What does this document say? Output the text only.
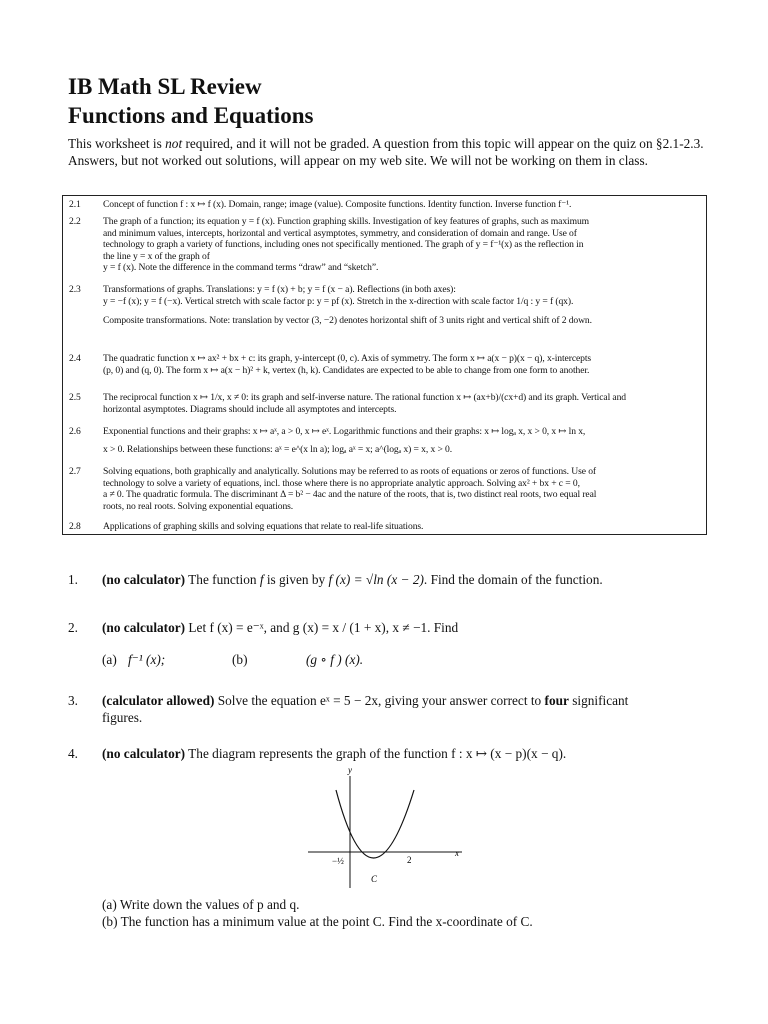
IB Math SL Review
Functions and Equations
This worksheet is not required, and it will not be graded. A question from this topic will appear on the quiz on §2.1-2.3. Answers, but not worked out solutions, will appear on my web site. We will not be working on them in class.
2.1 Concept of function f : x ↦ f (x). Domain, range; image (value). Composite functions. Identity function. Inverse function f⁻¹.
2.2 The graph of a function; its equation y = f (x). Function graphing skills. Investigation of key features of graphs, such as maximum
and minimum values, intercepts, horizontal and vertical asymptotes, symmetry, and consideration of domain and range. Use of
technology to graph a variety of functions, including ones not specifically mentioned. The graph of y = f⁻¹(x) as the reflection in
the line y = x of the graph of
y = f (x). Note the difference in the command terms “draw” and “sketch”.
2.3 Transformations of graphs. Translations: y = f (x) + b; y = f (x − a). Reflections (in both axes):
y = −f (x); y = f (−x). Vertical stretch with scale factor p: y = pf (x). Stretch in the x-direction with scale factor 1/q : y = f (qx).
Composite transformations. Note: translation by vector (3, −2) denotes horizontal shift of 3 units right and vertical shift of 2 down.
2.4 The quadratic function x ↦ ax² + bx + c: its graph, y-intercept (0, c). Axis of symmetry. The form x ↦ a(x − p)(x − q), x-intercepts
(p, 0) and (q, 0). The form x ↦ a(x − h)² + k, vertex (h, k). Candidates are expected to be able to change from one form to another.
2.5 The reciprocal function x ↦ 1/x, x ≠ 0: its graph and self-inverse nature. The rational function x ↦ (ax+b)/(cx+d) and its graph. Vertical and
horizontal asymptotes. Diagrams should include all asymptotes and intercepts.
2.6 Exponential functions and their graphs: x ↦ aˣ, a > 0, x ↦ eˣ. Logarithmic functions and their graphs: x ↦ logₐ x, x > 0, x ↦ ln x,
x > 0. Relationships between these functions: aˣ = e^(x ln a); logₐ aˣ = x; a^(logₐ x) = x, x > 0.
2.7 Solving equations, both graphically and analytically. Solutions may be referred to as roots of equations or zeros of functions. Use of
technology to solve a variety of equations, incl. those where there is no appropriate analytic approach. Solving ax² + bx + c = 0,
a ≠ 0. The quadratic formula. The discriminant Δ = b² − 4ac and the nature of the roots, that is, two distinct real roots, two equal real
roots, no real roots. Solving exponential equations.
2.8 Applications of graphing skills and solving equations that relate to real-life situations.
1. (no calculator) The function f is given by f (x) = √ln (x − 2). Find the domain of the function.
2. (no calculator) Let f (x) = e⁻ˣ, and g (x) = x / (1 + x), x ≠ −1. Find
(a) f⁻¹ (x);	(b)	(g ∘ f ) (x).
3. (calculator allowed) Solve the equation eˣ = 5 − 2x, giving your answer correct to four significant
figures.
4. (no calculator) The diagram represents the graph of the function f : x ↦ (x − p)(x − q).
y
x
−½	2
C
(a) Write down the values of p and q.
(b) The function has a minimum value at the point C. Find the x-coordinate of C.
